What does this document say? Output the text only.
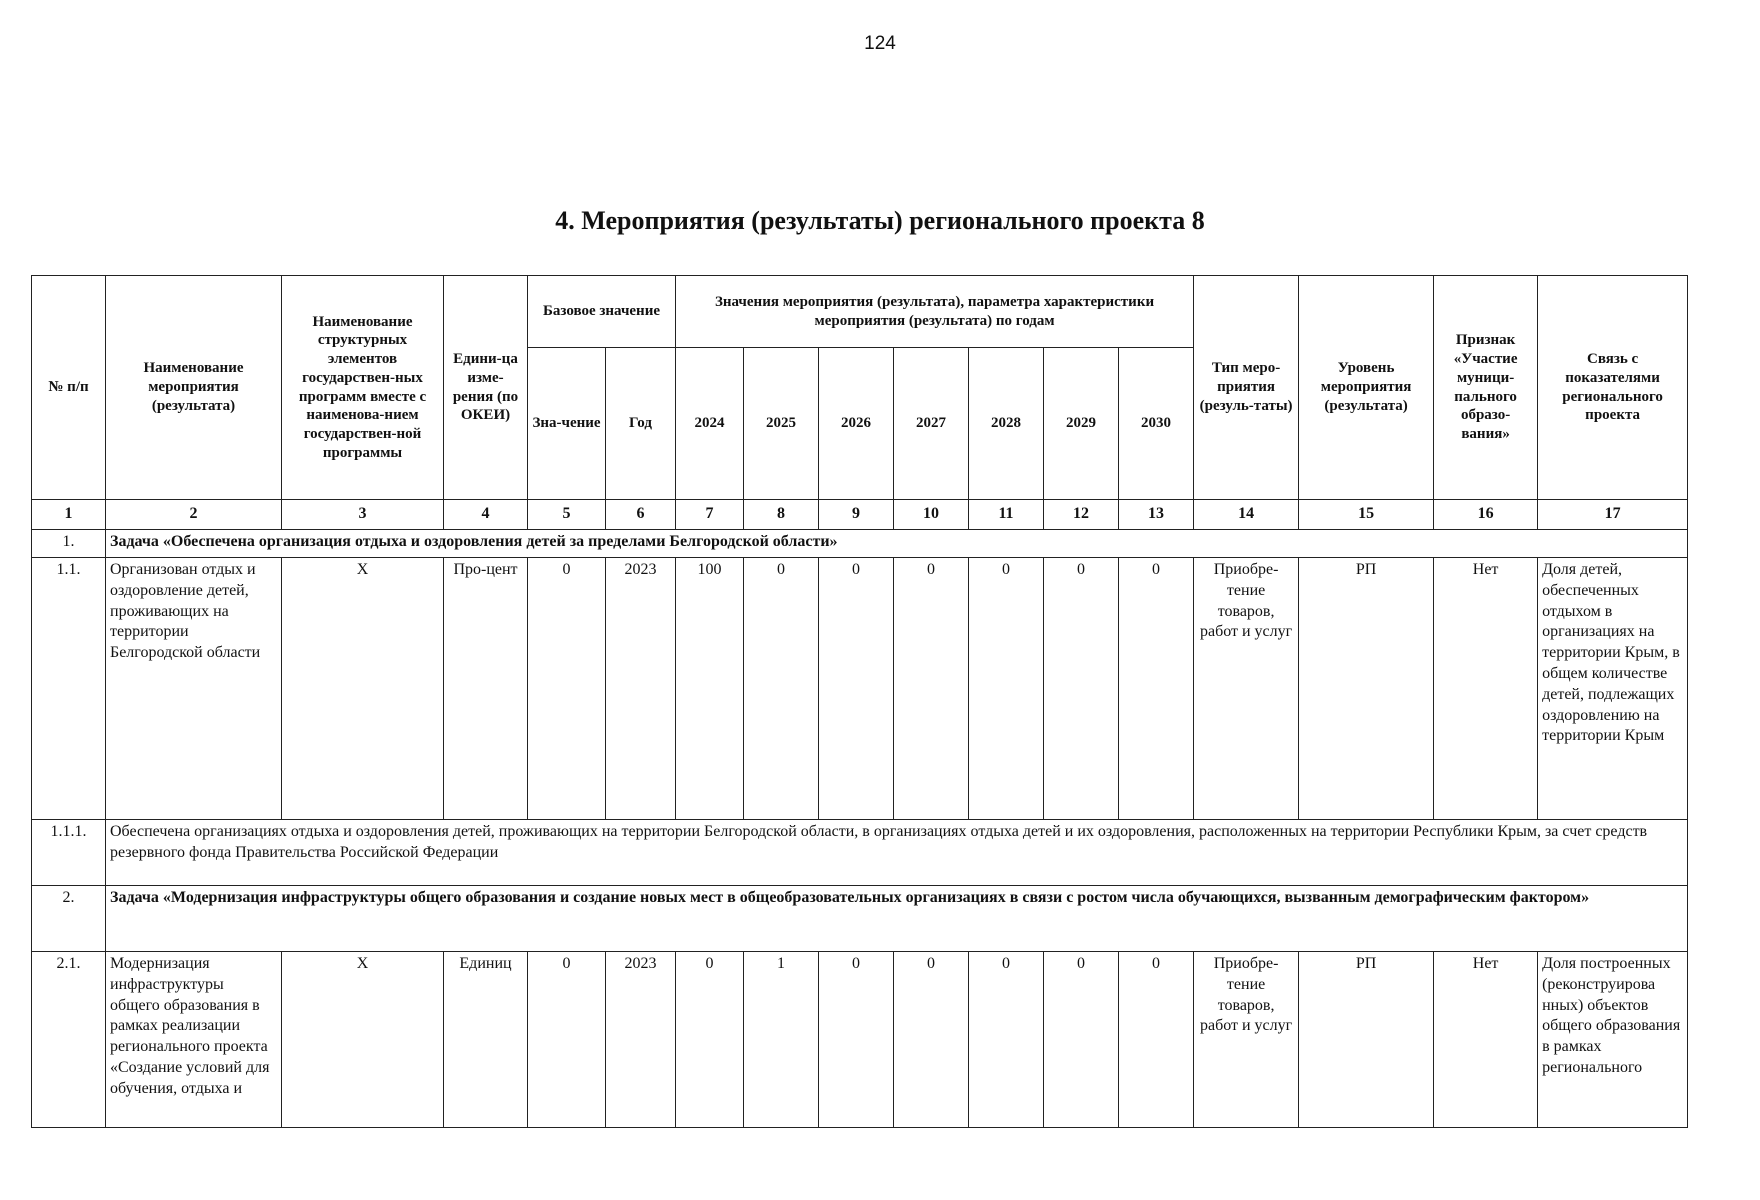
124
4. Мероприятия (результаты) регионального проекта 8
№ п/п	Наименование мероприятия (результата)	Наименование структурных элементов государствен-ных программ вместе с наименова-нием государствен-ной программы	Едини-ца изме-рения (по ОКЕИ)	Базовое значение		Значения мероприятия (результата), параметра характеристики мероприятия (результата) по годам							Тип меро-приятия (резуль-таты)	Уровень мероприятия (результата)	Признак «Участие муници-пального образо-вания»	Связь с показателями регионального проекта
				Зна-чение	Год	2024	2025	2026	2027	2028	2029	2030				
1	2	3	4	5	6	7	8	9	10	11	12	13	14	15	16	17
1.	Задача «Обеспечена организация отдыха и оздоровления детей за пределами Белгородской области»															
1.1.	Организован отдых и оздоровление детей, проживающих на территории Белгородской области	Х	Про-цент	0	2023	100	0	0	0	0	0	0	Приобре-тение товаров, работ и услуг	РП	Нет	Доля детей, обеспеченных отдыхом в организациях на территории Крым, в общем количестве детей, подлежащих оздоровлению на территории Крым
1.1.1.	Обеспечена организациях отдыха и оздоровления детей, проживающих на территории Белгородской области, в организациях отдыха детей и их оздоровления, расположенных на территории Республики Крым, за счет средств резервного фонда Правительства Российской Федерации															
2.	Задача «Модернизация инфраструктуры общего образования и создание новых мест в общеобразовательных организациях в связи с ростом числа обучающихся, вызванным демографическим фактором»															
2.1.	Модернизация инфраструктуры общего образования в рамках реализации регионального проекта «Создание условий для обучения, отдыха и	Х	Единиц	0	2023	0	1	0	0	0	0	0	Приобре-тение товаров, работ и услуг	РП	Нет	Доля построенных (реконструирова нных) объектов общего образования в рамках регионального
